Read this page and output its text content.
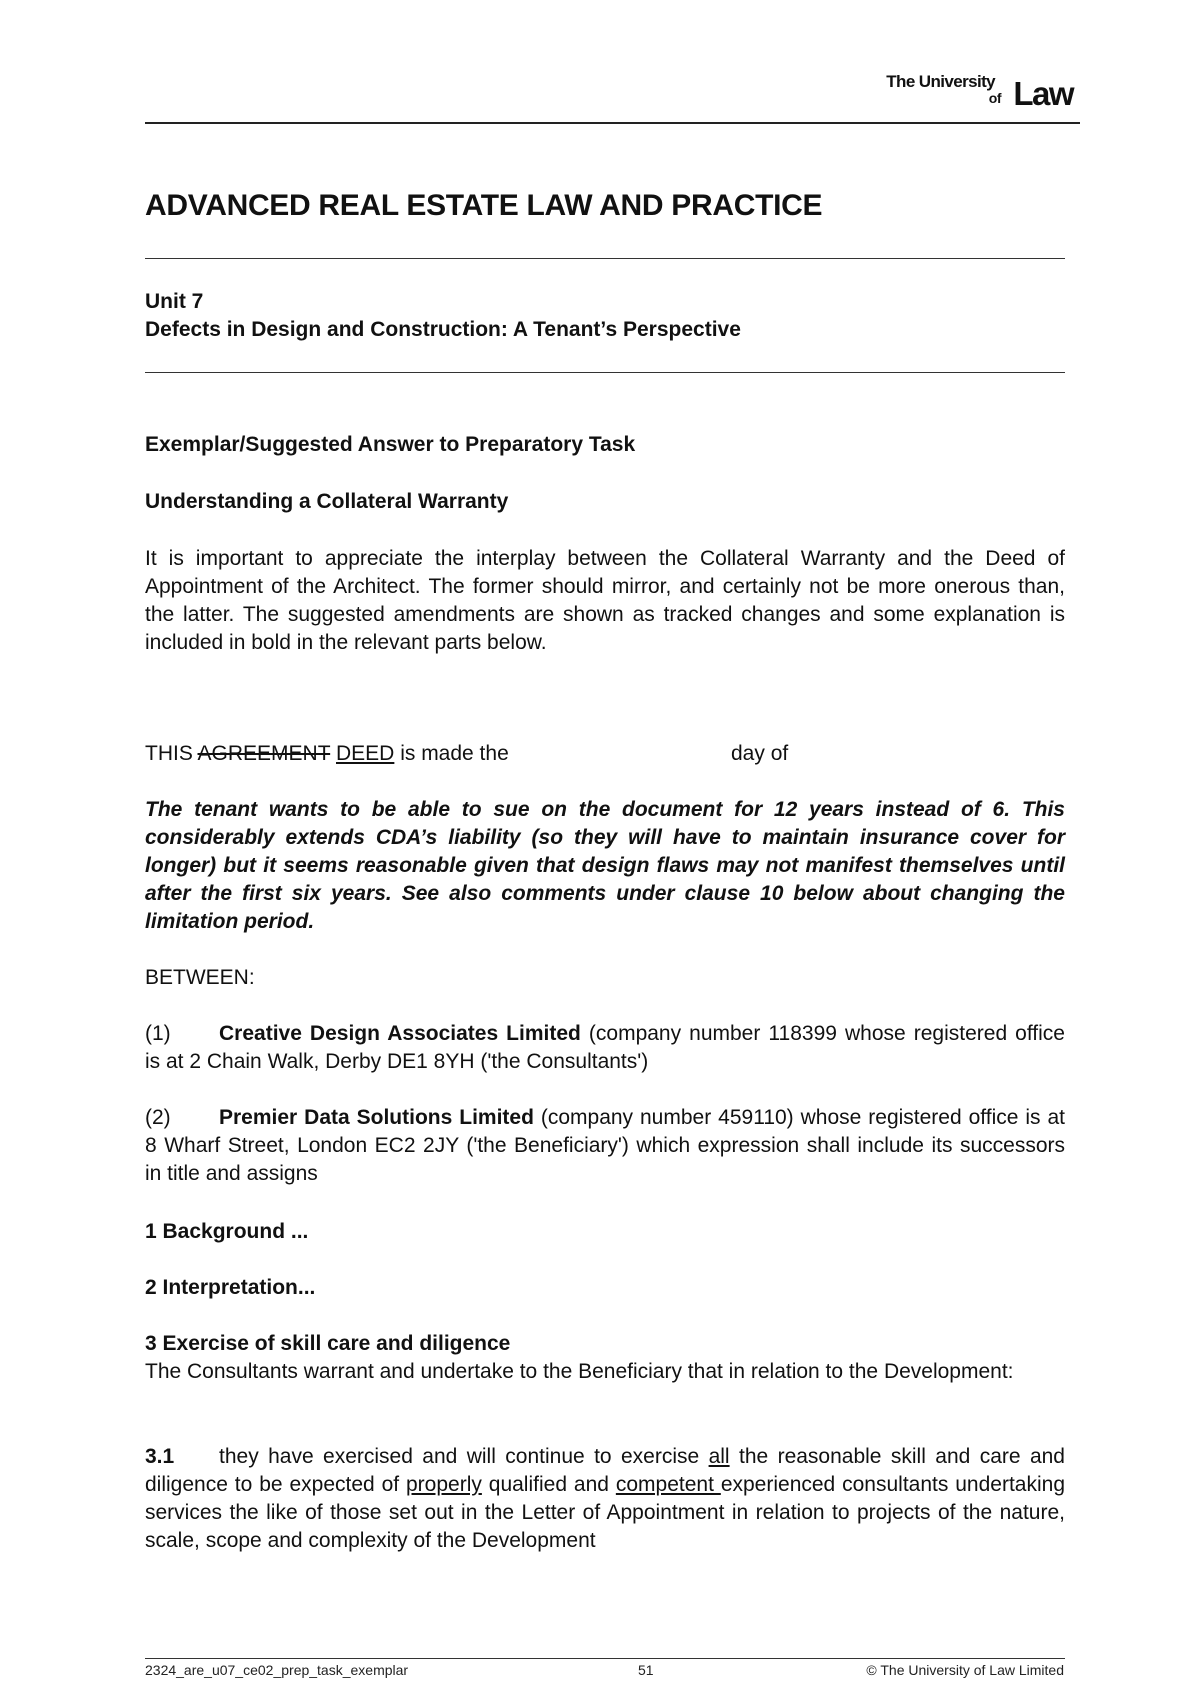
The University
of Law
ADVANCED REAL ESTATE LAW AND PRACTICE
Unit 7
Defects in Design and Construction: A Tenant’s Perspective
Exemplar/Suggested Answer to Preparatory Task
Understanding a Collateral Warranty
It is important to appreciate the interplay between the Collateral Warranty and the Deed of Appointment of the Architect. The former should mirror, and certainly not be more onerous than, the latter. The suggested amendments are shown as tracked changes and some explanation is included in bold in the relevant parts below.
THIS AGREEMENT DEED is made the	day of
The tenant wants to be able to sue on the document for 12 years instead of 6. This considerably extends CDA’s liability (so they will have to maintain insurance cover for longer) but it seems reasonable given that design flaws may not manifest themselves until after the first six years. See also comments under clause 10 below about changing the limitation period.
BETWEEN:
(1) Creative Design Associates Limited (company number 118399 whose registered office is at 2 Chain Walk, Derby DE1 8YH ('the Consultants')
(2) Premier Data Solutions Limited (company number 459110) whose registered office is at 8 Wharf Street, London EC2 2JY ('the Beneficiary') which expression shall include its successors in title and assigns
1 Background ...
2 Interpretation...
3 Exercise of skill care and diligence
The Consultants warrant and undertake to the Beneficiary that in relation to the Development:
3.1 they have exercised and will continue to exercise all the reasonable skill and care and diligence to be expected of properly qualified and competent experienced consultants undertaking services the like of those set out in the Letter of Appointment in relation to projects of the nature, scale, scope and complexity of the Development
2324_are_u07_ce02_prep_task_exemplar	51	© The University of Law Limited
